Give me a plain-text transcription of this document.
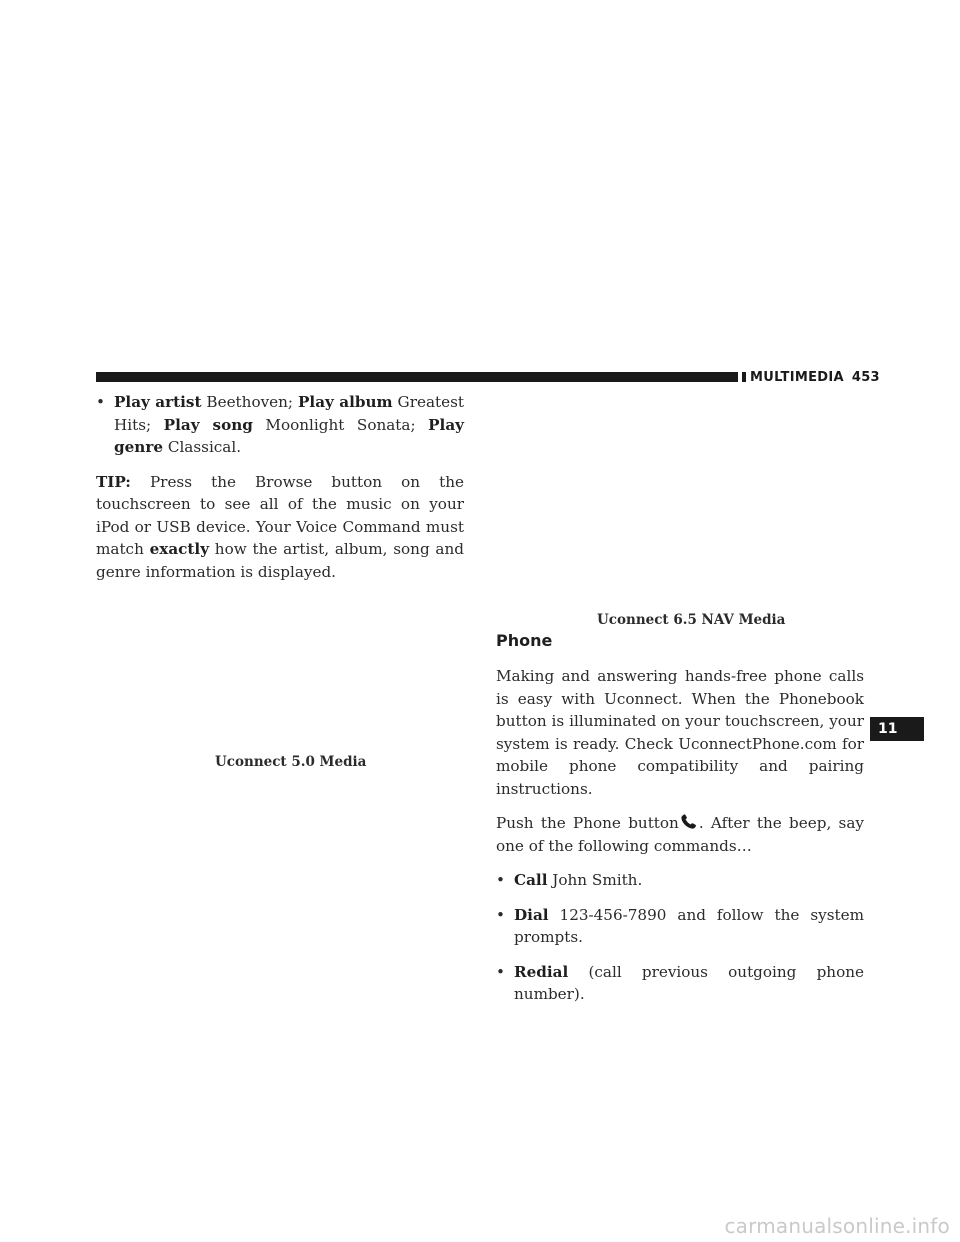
MULTIMEDIA 453
• Play artist Beethoven; Play album Greatest Hits; Play song Moonlight Sonata; Play genre Classical.

TIP: Press the Browse button on the touchscreen to see all of the music on your iPod or USB device. Your Voice Command must match exactly how the artist, album, song and genre information is displayed.

Uconnect 5.0 Media
Uconnect 6.5 NAV Media
Phone

Making and answering hands-free phone calls is easy with Uconnect. When the Phonebook button is illuminated on your touchscreen, your system is ready. Check UconnectPhone.com for mobile phone compatibility and pairing instructions.

Push the Phone button . After the beep, say one of the following commands…

• Call John Smith.
• Dial 123-456-7890 and follow the system prompts.
• Redial (call previous outgoing phone number).
11
carmanualsonline.info
